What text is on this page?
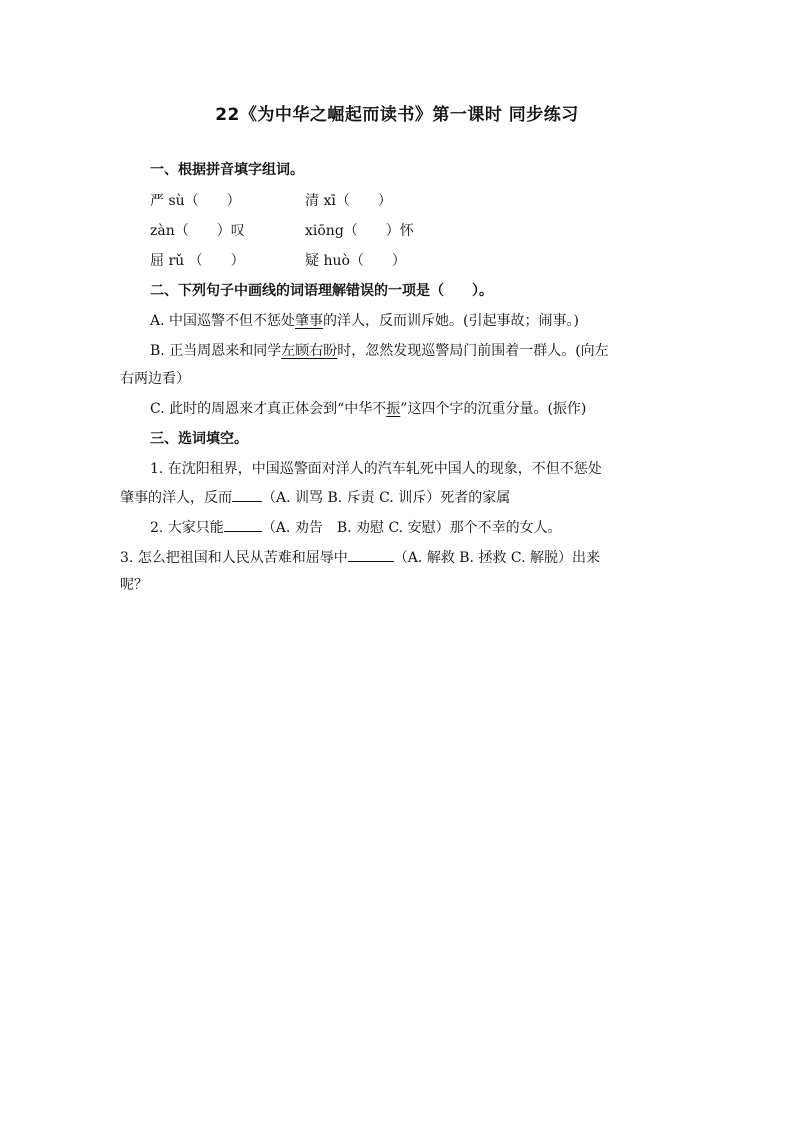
22《为中华之崛起而读书》第一课时 同步练习
一、根据拼音填字组词。
严 sù（　　）	清 xī（　　）
zàn（　　）叹	xiōng（　　）怀
屈 rǔ （　　）	疑 huò（　　）
二、下列句子中画线的词语理解错误的一项是（　　）。
A. 中国巡警不但不惩处肇事的洋人，反而训斥她。(引起事故；闹事。)
B. 正当周恩来和同学左顾右盼时，忽然发现巡警局门前围着一群人。(向左
右两边看）
C. 此时的周恩来才真正体会到“中华不振”这四个字的沉重分量。(振作)
三、选词填空。
1. 在沈阳租界，中国巡警面对洋人的汽车轧死中国人的现象，不但不惩处
肇事的洋人，反而 （A. 训骂 B. 斥责 C. 训斥）死者的家属
2. 大家只能	（A. 劝告　B. 劝慰 C. 安慰）那个不幸的女人。
3. 怎么把祖国和人民从苦难和屈辱中	（A. 解救 B. 拯救 C. 解脱）出来
呢？
